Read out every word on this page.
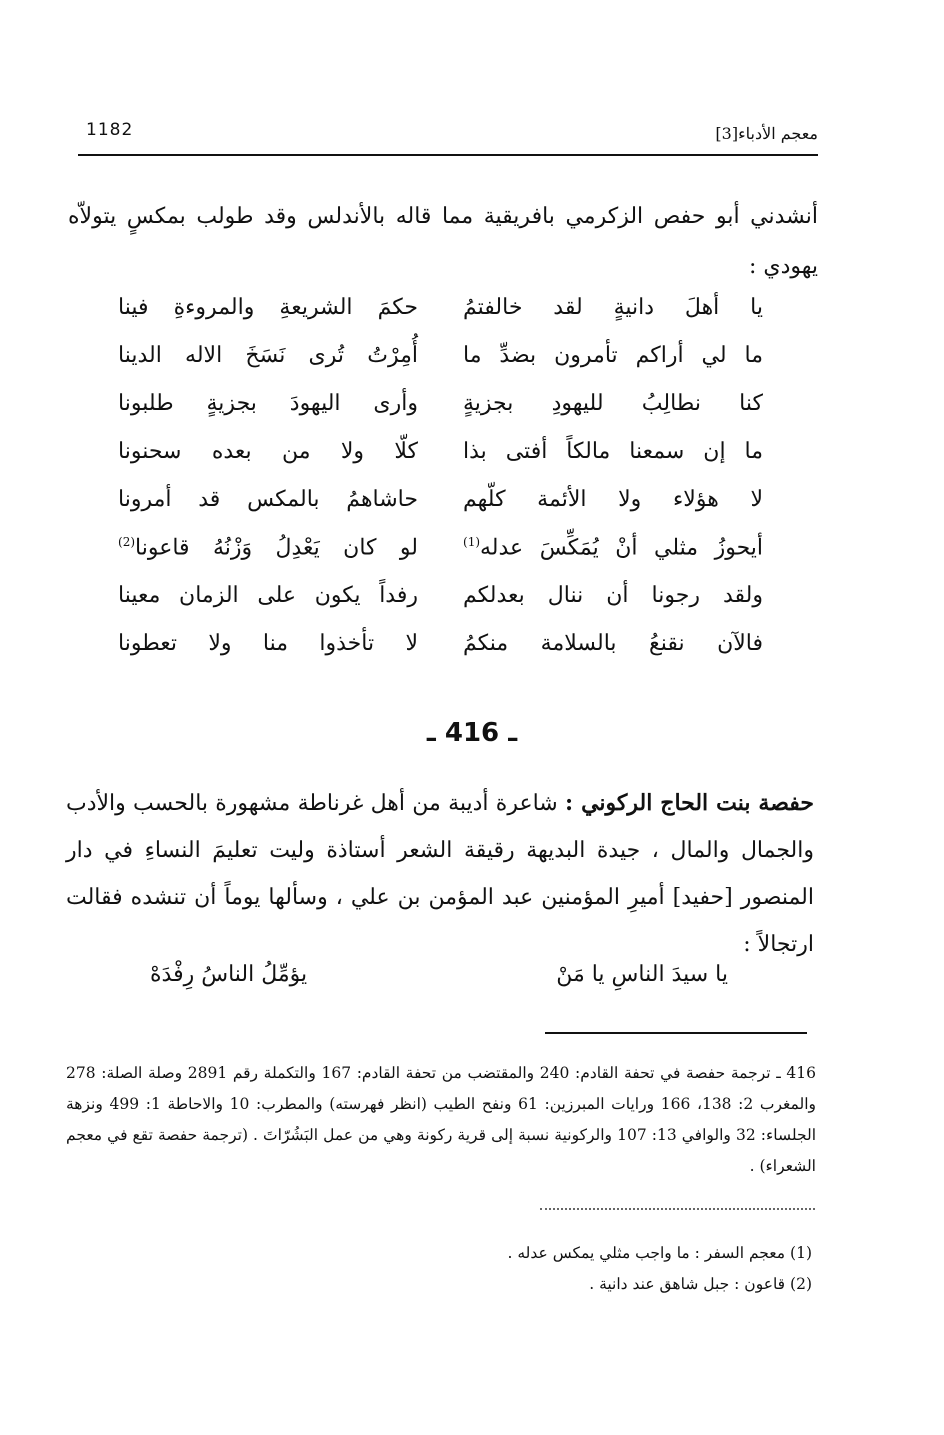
1182	معجم الأدباء[3]

أنشدني أبو حفص الزكرمي بافريقية مما قاله بالأندلس وقد طولب بمكسٍ يتولاّه يهودي :

يا أهلَ دانيةٍ لقد خالفتمُ
حكمَ الشريعةِ والمروءةِ فينا
ما لي أراكم تأمرون بضدِّ ما
أُمِرْتُ تُرى نَسَخَ الاله الدينا
كنا نطالِبُ لليهودِ بجزيةٍ
وأرى اليهودَ بجزيةٍ طلبونا
ما إن سمعنا مالكاً أفتى بذا
كلّا ولا من بعده سحنونا
لا هؤلاء ولا الأئمة كلّهم
حاشاهمُ بالمكس قد أمرونا
أيحوزُ مثلي أنْ يُمَكِّسَ عدله$^{(1)}$
لو كان يَعْدِلُ وَزْنُهُ قاعونا$^{(2)}$
ولقد رجونا أن ننال بعدلكم
رفداً يكون على الزمان معينا
فالآن نقنعُ بالسلامة منكمُ
لا تأخذوا منا ولا تعطونا
ـ 416 ـ

حفصة بنت الحاج الركوني : شاعرة أديبة من أهل غرناطة مشهورة بالحسب والأدب والجمال والمال ، جيدة البديهة رقيقة الشعر أستاذة وليت تعليمَ النساءِ في دار المنصور [حفيد] أميرِ المؤمنين عبد المؤمن بن علي ، وسألها يوماً أن تنشده فقالت ارتجالاً :

يا سيدَ الناسِ يا مَنْ
يؤمِّلُ الناسُ رِفْدَهْ

416 ـ ترجمة حفصة في تحفة القادم: 240 والمقتضب من تحفة القادم: 167 والتكملة رقم 2891 وصلة الصلة: 278 والمغرب 2: 138، 166 ورايات المبرزين: 61 ونفح الطيب (انظر فهرسته) والمطرب: 10 والاحاطة 1: 499 ونزهة الجلساء: 32 والوافي 13: 107 والركونية نسبة إلى قرية ركونة وهي من عمل البَشُرّاتَ . (ترجمة حفصة تقع في معجم الشعراء) .

(1) معجم السفر : ما واجب مثلي يمكس عدله .
(2) قاعون : جبل شاهق عند دانية .
